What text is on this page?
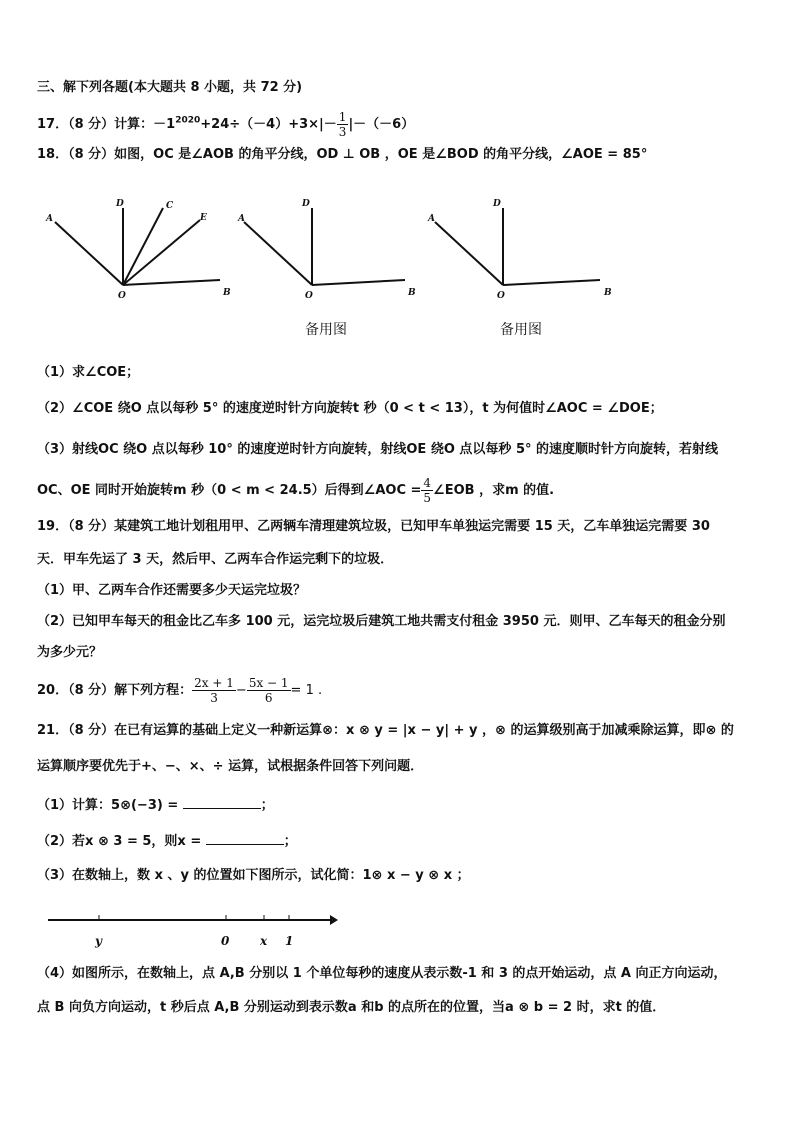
三、解下列各题(本大题共 8 小题，共 72 分)
17．（8 分）计算：$-1^{2020}+24\div(-4)+3\times|- \frac{1}{3} |-(-6)$
18．（8 分）如图，OC 是∠AOB 的角平分线，OD ⊥ OB ，OE 是∠BOD 的角平分线，∠AOE = 85°
A
D	C
E
O	B
A
D
O	B
A
D
O	B
备用图	备用图
（1）求∠COE；
（2）∠COE 绕O 点以每秒 5° 的速度逆时针方向旋转t 秒（0 < t < 13），t 为何值时∠AOC = ∠DOE；
（3）射线OC 绕O 点以每秒 10° 的速度逆时针方向旋转，射线OE 绕O 点以每秒 5° 的速度顺时针方向旋转，若射线
OC、OE 同时开始旋转m 秒（0 < m < 24.5）后得到∠AOC = $\frac{4}{5}$ ∠EOB ，求m 的值.
19．（8 分）某建筑工地计划租用甲、乙两辆车清理建筑垃圾，已知甲车单独运完需要 15 天，乙车单独运完需要 30
天．甲车先运了 3 天，然后甲、乙两车合作运完剩下的垃圾．
（1）甲、乙两车合作还需要多少天运完垃圾？
（2）已知甲车每天的租金比乙车多 100 元，运完垃圾后建筑工地共需支付租金 3950 元．则甲、乙车每天的租金分别
为多少元？
20．（8 分）解下列方程： $\frac{2x + 1}{3} - \frac{5x - 1}{6} = 1$ .
21．（8 分）在已有运算的基础上定义一种新运算⊗：x ⊗ y = |x − y| + y ，⊗ 的运算级别高于加减乘除运算，即⊗ 的
运算顺序要优先于+、−、×、÷ 运算，试根据条件回答下列问题．
（1）计算：5⊗(−3) =	；
（2）若x ⊗ 3 = 5，则x =	；
（3）在数轴上，数 x 、y 的位置如下图所示，试化简：1⊗ x − y ⊗ x ；
y	0	x 1
（4）如图所示，在数轴上，点 A,B 分别以 1 个单位每秒的速度从表示数-1 和 3 的点开始运动，点 A 向正方向运动，
点 B 向负方向运动，t 秒后点 A,B 分别运动到表示数a 和b 的点所在的位置，当a ⊗ b = 2 时，求t 的值．
